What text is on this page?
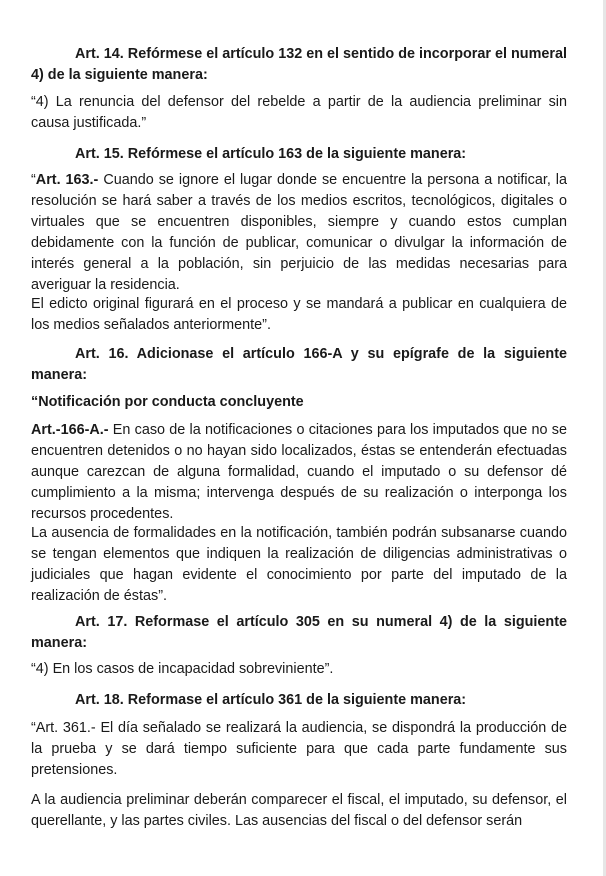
Art. 14. Refórmese el artículo 132 en el sentido de incorporar el numeral 4) de la siguiente manera:
“4) La renuncia del defensor del rebelde a partir de la audiencia preliminar sin causa justificada.”
Art. 15. Refórmese el artículo 163 de la siguiente manera:
“Art. 163.- Cuando se ignore el lugar donde se encuentre la persona a notificar, la resolución se hará saber a través de los medios escritos, tecnológicos, digitales o virtuales que se encuentren disponibles, siempre y cuando estos cumplan debidamente con la función de publicar, comunicar o divulgar la información de interés general a la población, sin perjuicio de las medidas necesarias para averiguar la residencia.
El edicto original figurará en el proceso y se mandará a publicar en cualquiera de los medios señalados anteriormente”.
Art. 16. Adicionase el artículo 166-A y su epígrafe de la siguiente manera:
“Notificación por conducta concluyente
Art.-166-A.- En caso de la notificaciones o citaciones para los imputados que no se encuentren detenidos o no hayan sido localizados, éstas se entenderán efectuadas aunque carezcan de alguna formalidad, cuando el imputado o su defensor dé cumplimiento a la misma; intervenga después de su realización o interponga los recursos procedentes.
La ausencia de formalidades en la notificación, también podrán subsanarse cuando se tengan elementos que indiquen la realización de diligencias administrativas o judiciales que hagan evidente el conocimiento por parte del imputado de la realización de éstas”.
Art. 17. Reformase el artículo 305 en su numeral 4) de la siguiente manera:
“4) En los casos de incapacidad sobreviniente”.
Art. 18. Reformase el artículo 361 de la siguiente manera:
“Art. 361.- El día señalado se realizará la audiencia, se dispondrá la producción de la prueba y se dará tiempo suficiente para que cada parte fundamente sus pretensiones.
A la audiencia preliminar deberán comparecer el fiscal, el imputado, su defensor, el querellante, y las partes civiles. Las ausencias del fiscal o del defensor serán
